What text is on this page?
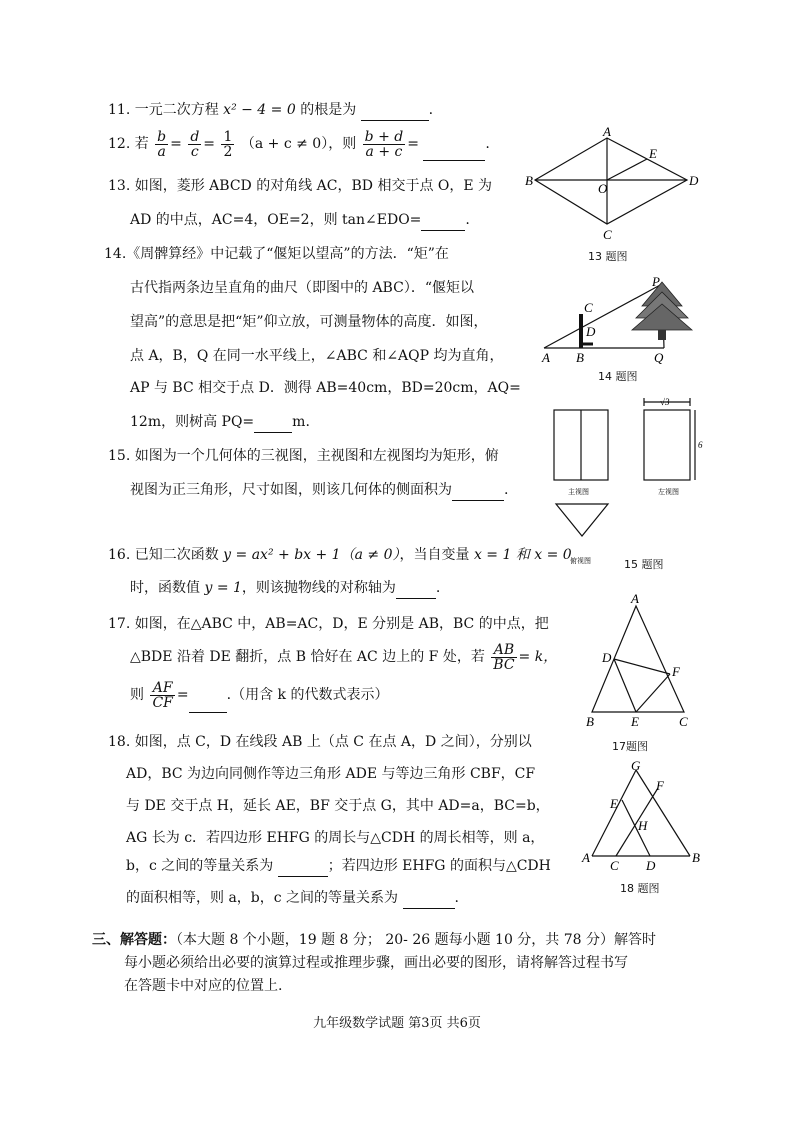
11. 一元二次方程 x² − 4 = 0 的根是为	.
12. 若 $\frac{b}{a} = \frac{d}{c} = \frac{1}{2} (a + c \ne 0)$，则 $\frac{b + d}{a + c}$ =	.
13. 如图，菱形 ABCD 的对角线 AC，BD 相交于点 O，E 为
AD 的中点，AC=4，OE=2，则 tan∠EDO=	.
A
B
C
D
E
O
13 题图
14.《周髀算经》中记载了“偃矩以望高”的方法．“矩”在
古代指两条边呈直角的曲尺（即图中的 ABC）．“偃矩以
望高”的意思是把“矩”仰立放，可测量物体的高度．如图，
点 A，B，Q 在同一水平线上，∠ABC 和∠AQP 均为直角，
AP 与 BC 相交于点 D．测得 AB=40cm，BD=20cm，AQ=
12m，则树高 PQ=	m.
A B
C
D
P
Q
14 题图
15. 如图为一个几何体的三视图，主视图和左视图均为矩形，俯
视图为正三角形，尺寸如图，则该几何体的侧面积为	.
√3
6
主视图	左视图
俯视图	15 题图
16. 已知二次函数 y = ax² + bx + 1（a ≠ 0），当自变量 x = 1 和 x = 0
时，函数值 y = 1，则该抛物线的对称轴为	.
17. 如图，在△ABC 中，AB=AC，D，E 分别是 AB，BC 的中点，把
△BDE 沿着 DE 翻折，点 B 恰好在 AC 边上的 F 处，若 $\frac{AB}{BC} = k$，
则 $\frac{AF}{CF}$ =	.（用含 k 的代数式表示）
A
B	C
D
E
F
17题图
18. 如图，点 C，D 在线段 AB 上（点 C 在点 A，D 之间），分别以
AD，BC 为边向同侧作等边三角形 ADE 与等边三角形 CBF，CF
与 DE 交于点 H，延长 AE，BF 交于点 G，其中 AD=a，BC=b，
AG 长为 c．若四边形 EHFG 的周长与△CDH 的周长相等，则 a，
b，c 之间的等量关系为	；若四边形 EHFG 的面积与△CDH
的面积相等，则 a，b，c 之间的等量关系为	.
A	B
C D
E
F
G
H
18 题图
三、解答题：（本大题 8 个小题，19 题 8 分； 20- 26 题每小题 10 分，共 78 分）解答时
每小题必须给出必要的演算过程或推理步骤，画出必要的图形，请将解答过程书写
在答题卡中对应的位置上.
九年级数学试题 第3页 共6页
